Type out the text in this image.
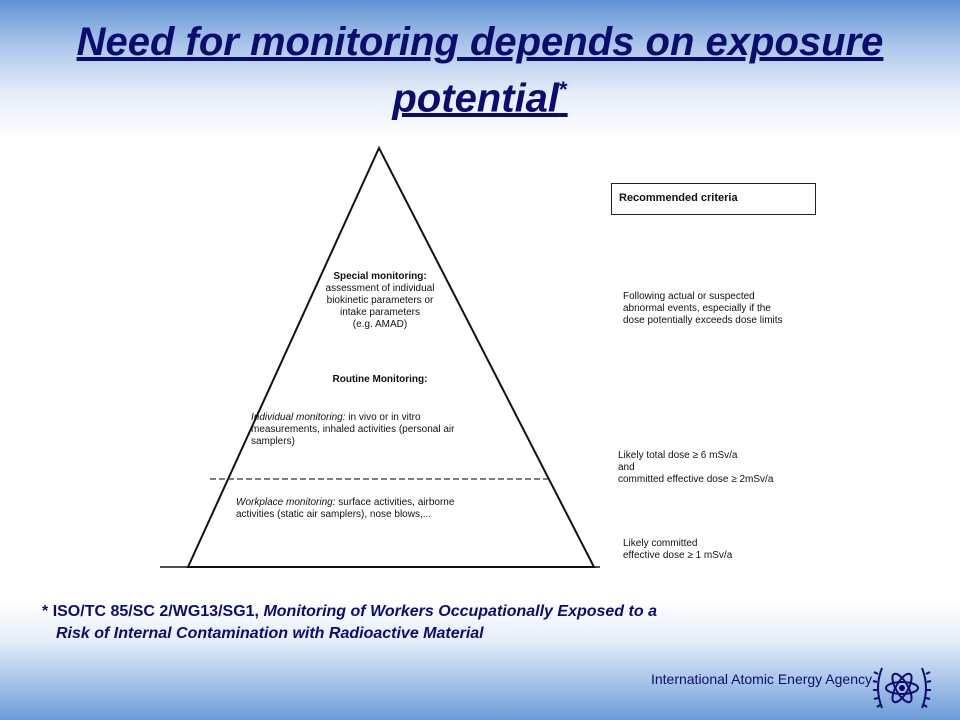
Need for monitoring depends on exposure potential*
Special monitoring:
assessment of individual
biokinetic parameters or
intake parameters
(e.g. AMAD)
Routine Monitoring:
Individual monitoring: in vivo or in vitro
measurements, inhaled activities (personal air
samplers)
Workplace monitoring: surface activities, airborne
activities (static air samplers), nose blows,...
Recommended criteria
Following actual or suspected
abnormal events, especially if the
dose potentially exceeds dose limits
Likely total dose ≥ 6 mSv/a
and
committed effective dose ≥ 2mSv/a
Likely committed
effective dose ≥ 1 mSv/a
* ISO/TC 85/SC 2/WG13/SG1, Monitoring of Workers Occupationally Exposed to a
Risk of Internal Contamination with Radioactive Material
International Atomic Energy Agency
